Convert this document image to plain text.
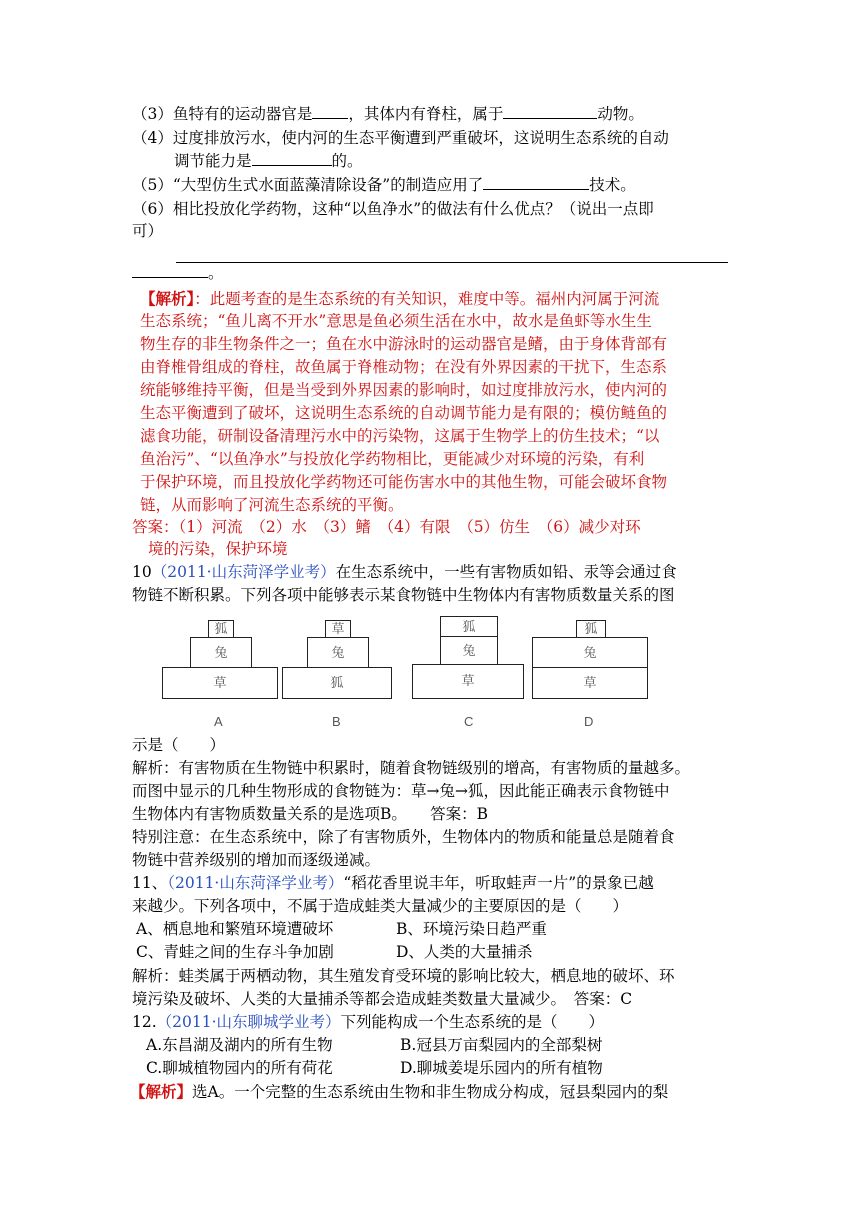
（3）鱼特有的运动器官是 ，其体内有脊柱，属于	动物。
（4）过度排放污水，使内河的生态平衡遭到严重破坏，这说明生态系统的自动
调节能力是	的。
（5）“大型仿生式水面蓝藻清除设备”的制造应用了	技术。
（6）相比投放化学药物，这种“以鱼净水”的做法有什么优点？（说出一点即
可）
。
【解析】：此题考查的是生态系统的有关知识，难度中等。福州内河属于河流
生态系统；“鱼儿离不开水”意思是鱼必须生活在水中，故水是鱼虾等水生生
物生存的非生物条件之一；鱼在水中游泳时的运动器官是鳍，由于身体背部有
由脊椎骨组成的脊柱，故鱼属于脊椎动物；在没有外界因素的干扰下，生态系
统能够维持平衡，但是当受到外界因素的影响时，如过度排放污水，使内河的
生态平衡遭到了破坏，这说明生态系统的自动调节能力是有限的；模仿鲢鱼的
滤食功能，研制设备清理污水中的污染物，这属于生物学上的仿生技术；“以
鱼治污”、“以鱼净水”与投放化学药物相比，更能减少对环境的污染，有利
于保护环境，而且投放化学药物还可能伤害水中的其他生物，可能会破坏食物
链，从而影响了河流生态系统的平衡。
答案：（1）河流　（2）水　（3）鳍　（4）有限　（5）仿生　（6）减少对环
境的污染，保护环境
10（2011·山东菏泽学业考）在生态系统中，一些有害物质如铅、汞等会通过食
物链不断积累。下列各项中能够表示某食物链中生物体内有害物质数量关系的图
狐
兔
草
A
草
兔
狐
B
狐
兔
草
C
狐
兔
草
D
示是（　　）
解析：有害物质在生物链中积累时，随着食物链级别的增高，有害物质的量越多。
而图中显示的几种生物形成的食物链为：草→兔→狐，因此能正确表示食物链中
生物体内有害物质数量关系的是选项B。　　答案：B
特别注意：在生态系统中，除了有害物质外，生物体内的物质和能量总是随着食
物链中营养级别的增加而逐级递减。
11、（2011·山东菏泽学业考）“稻花香里说丰年，听取蛙声一片”的景象已越
来越少。下列各项中，不属于造成蛙类大量减少的主要原因的是（　　）
A、栖息地和繁殖环境遭破坏	B、环境污染日趋严重
C、青蛙之间的生存斗争加剧	D、人类的大量捕杀
解析：蛙类属于两栖动物，其生殖发育受环境的影响比较大，栖息地的破坏、环
境污染及破坏、人类的大量捕杀等都会造成蛙类数量大量减少。　答案：C
12.（2011·山东聊城学业考）下列能构成一个生态系统的是（　　）
A.东昌湖及湖内的所有生物	B.冠县万亩梨园内的全部梨树
C.聊城植物园内的所有荷花	D.聊城姜堤乐园内的所有植物
【解析】选A。一个完整的生态系统由生物和非生物成分构成，冠县梨园内的梨
